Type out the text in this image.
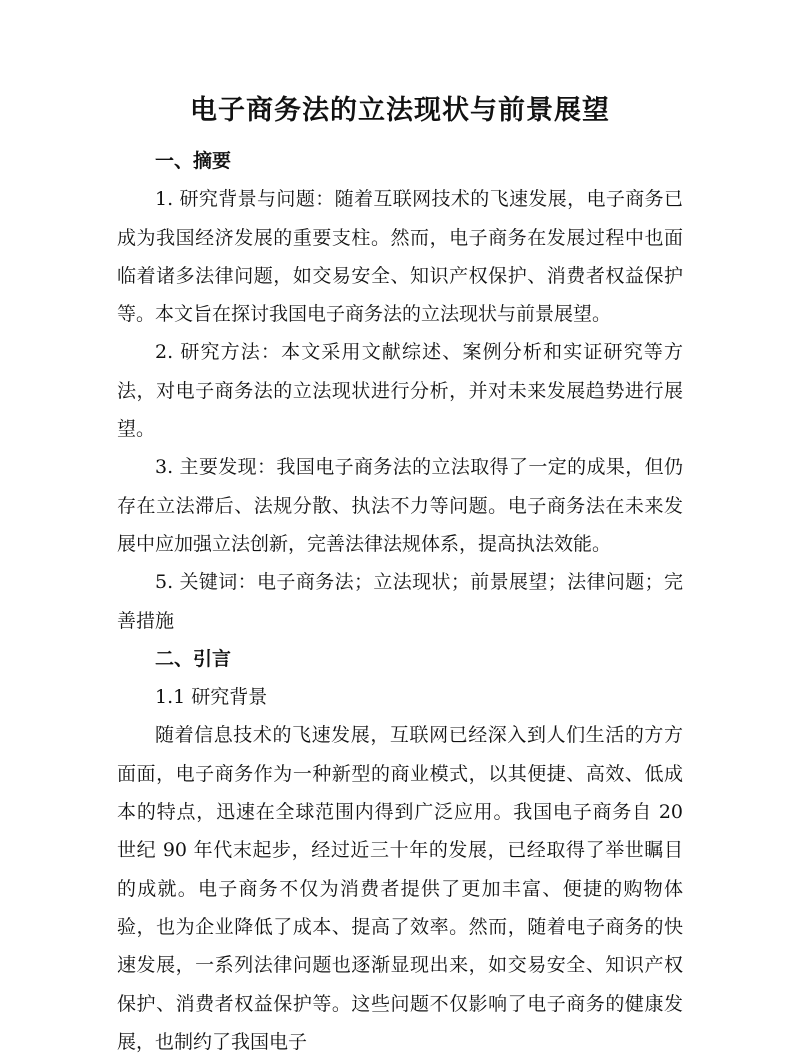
电子商务法的立法现状与前景展望

一、摘要

1. 研究背景与问题：随着互联网技术的飞速发展，电子商务已成为我国经济发展的重要支柱。然而，电子商务在发展过程中也面临着诸多法律问题，如交易安全、知识产权保护、消费者权益保护等。本文旨在探讨我国电子商务法的立法现状与前景展望。

2. 研究方法：本文采用文献综述、案例分析和实证研究等方法，对电子商务法的立法现状进行分析，并对未来发展趋势进行展望。

3. 主要发现：我国电子商务法的立法取得了一定的成果，但仍存在立法滞后、法规分散、执法不力等问题。电子商务法在未来发展中应加强立法创新，完善法律法规体系，提高执法效能。

5. 关键词：电子商务法；立法现状；前景展望；法律问题；完善措施

二、引言

1.1 研究背景

随着信息技术的飞速发展，互联网已经深入到人们生活的方方面面，电子商务作为一种新型的商业模式，以其便捷、高效、低成本的特点，迅速在全球范围内得到广泛应用。我国电子商务自 20 世纪 90 年代末起步，经过近三十年的发展，已经取得了举世瞩目的成就。电子商务不仅为消费者提供了更加丰富、便捷的购物体验，也为企业降低了成本、提高了效率。然而，随着电子商务的快速发展，一系列法律问题也逐渐显现出来，如交易安全、知识产权保护、消费者权益保护等。这些问题不仅影响了电子商务的健康发展，也制约了我国电子
